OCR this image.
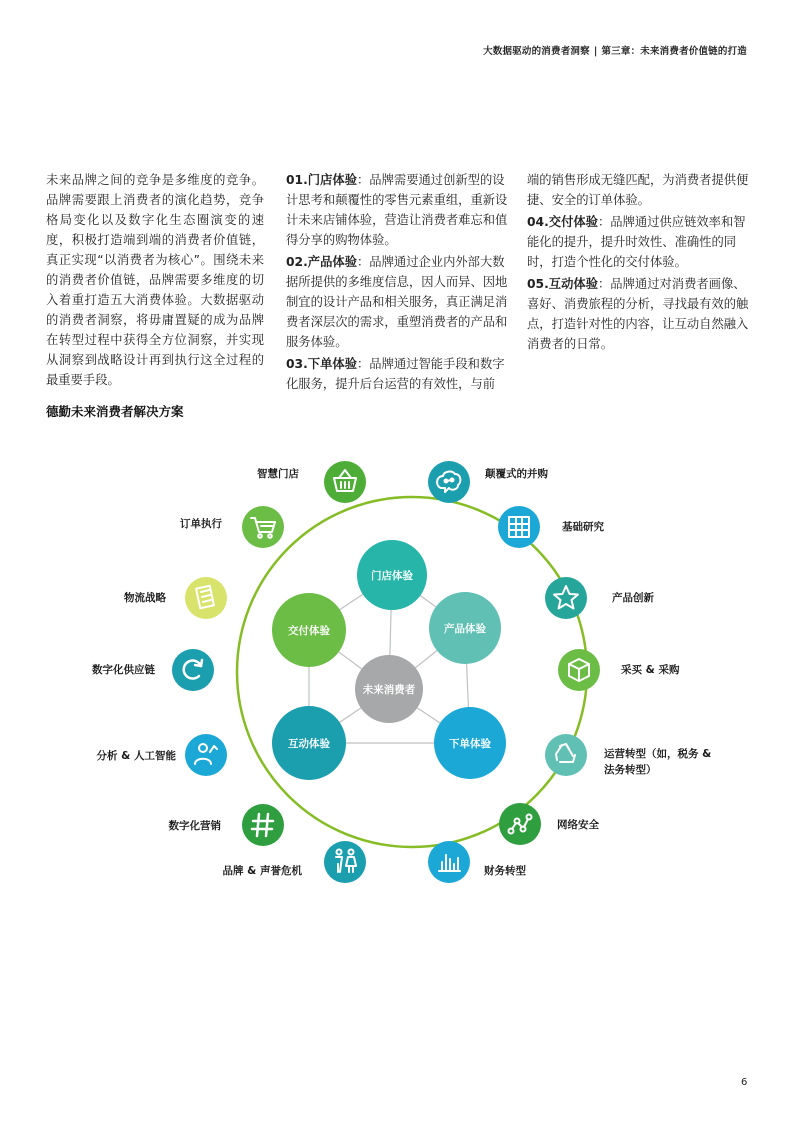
大数据驱动的消费者洞察 | 第三章：未来消费者价值链的打造

未来品牌之间的竞争是多维度的竞争。品牌需要跟上消费者的演化趋势，竞争格局变化以及数字化生态圈演变的速度，积极打造端到端的消费者价值链，真正实现“以消费者为核心”。围绕未来的消费者价值链，品牌需要多维度的切入着重打造五大消费体验。大数据驱动的消费者洞察，将毋庸置疑的成为品牌在转型过程中获得全方位洞察，并实现从洞察到战略设计再到执行这全过程的最重要手段。

01.门店体验：品牌需要通过创新型的设计思考和颠覆性的零售元素重组，重新设计未来店铺体验，营造让消费者难忘和值得分享的购物体验。

02.产品体验：品牌通过企业内外部大数据所提供的多维度信息，因人而异、因地制宜的设计产品和相关服务，真正满足消费者深层次的需求，重塑消费者的产品和服务体验。

03.下单体验：品牌通过智能手段和数字化服务，提升后台运营的有效性，与前

端的销售形成无缝匹配，为消费者提供便捷、安全的订单体验。

04.交付体验：品牌通过供应链效率和智能化的提升，提升时效性、准确性的同时，打造个性化的交付体验。

05.互动体验：品牌通过对消费者画像、喜好、消费旅程的分析，寻找最有效的触点，打造针对性的内容，让互动自然融入消费者的日常。

德勤未来消费者解决方案
未来消费者
门店体验
产品体验
下单体验
互动体验
交付体验
智慧门店	颠覆式的并购
基础研究
产品创新
采买 & 采购
运营转型（如，税务 &
法务转型）
网络安全
财务转型
品牌 & 声誉危机
数字化营销
分析 & 人工智能
数字化供应链
物流战略
订单执行
6
